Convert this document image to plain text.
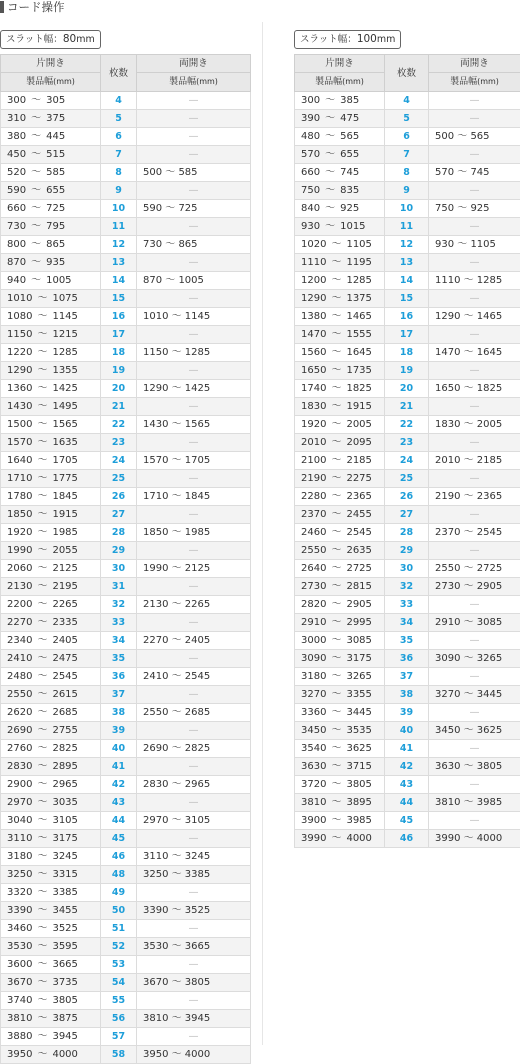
コード操作
スラット幅：80mm
片開き	枚数	両開き
製品幅(mm)		製品幅(mm)
300 〜 305	4	—
310 〜 375	5	—
380 〜 445	6	—
450 〜 515	7	—
520 〜 585	8	500 〜 585
590 〜 655	9	—
660 〜 725	10	590 〜 725
730 〜 795	11	—
800 〜 865	12	730 〜 865
870 〜 935	13	—
940 〜 1005	14	870 〜 1005
1010 〜 1075	15	—
1080 〜 1145	16	1010 〜 1145
1150 〜 1215	17	—
1220 〜 1285	18	1150 〜 1285
1290 〜 1355	19	—
1360 〜 1425	20	1290 〜 1425
1430 〜 1495	21	—
1500 〜 1565	22	1430 〜 1565
1570 〜 1635	23	—
1640 〜 1705	24	1570 〜 1705
1710 〜 1775	25	—
1780 〜 1845	26	1710 〜 1845
1850 〜 1915	27	—
1920 〜 1985	28	1850 〜 1985
1990 〜 2055	29	—
2060 〜 2125	30	1990 〜 2125
2130 〜 2195	31	—
2200 〜 2265	32	2130 〜 2265
2270 〜 2335	33	—
2340 〜 2405	34	2270 〜 2405
2410 〜 2475	35	—
2480 〜 2545	36	2410 〜 2545
2550 〜 2615	37	—
2620 〜 2685	38	2550 〜 2685
2690 〜 2755	39	—
2760 〜 2825	40	2690 〜 2825
2830 〜 2895	41	—
2900 〜 2965	42	2830 〜 2965
2970 〜 3035	43	—
3040 〜 3105	44	2970 〜 3105
3110 〜 3175	45	—
3180 〜 3245	46	3110 〜 3245
3250 〜 3315	48	3250 〜 3385
3320 〜 3385	49	—
3390 〜 3455	50	3390 〜 3525
3460 〜 3525	51	—
3530 〜 3595	52	3530 〜 3665
3600 〜 3665	53	—
3670 〜 3735	54	3670 〜 3805
3740 〜 3805	55	—
3810 〜 3875	56	3810 〜 3945
3880 〜 3945	57	—
3950 〜 4000	58	3950 〜 4000
スラット幅：100mm
片開き	枚数	両開き
製品幅(mm)		製品幅(mm)
300 〜 385	4	—
390 〜 475	5	—
480 〜 565	6	500 〜 565
570 〜 655	7	—
660 〜 745	8	570 〜 745
750 〜 835	9	—
840 〜 925	10	750 〜 925
930 〜 1015	11	—
1020 〜 1105	12	930 〜 1105
1110 〜 1195	13	—
1200 〜 1285	14	1110 〜 1285
1290 〜 1375	15	—
1380 〜 1465	16	1290 〜 1465
1470 〜 1555	17	—
1560 〜 1645	18	1470 〜 1645
1650 〜 1735	19	—
1740 〜 1825	20	1650 〜 1825
1830 〜 1915	21	—
1920 〜 2005	22	1830 〜 2005
2010 〜 2095	23	—
2100 〜 2185	24	2010 〜 2185
2190 〜 2275	25	—
2280 〜 2365	26	2190 〜 2365
2370 〜 2455	27	—
2460 〜 2545	28	2370 〜 2545
2550 〜 2635	29	—
2640 〜 2725	30	2550 〜 2725
2730 〜 2815	32	2730 〜 2905
2820 〜 2905	33	—
2910 〜 2995	34	2910 〜 3085
3000 〜 3085	35	—
3090 〜 3175	36	3090 〜 3265
3180 〜 3265	37	—
3270 〜 3355	38	3270 〜 3445
3360 〜 3445	39	—
3450 〜 3535	40	3450 〜 3625
3540 〜 3625	41	—
3630 〜 3715	42	3630 〜 3805
3720 〜 3805	43	—
3810 〜 3895	44	3810 〜 3985
3900 〜 3985	45	—
3990 〜 4000	46	3990 〜 4000
